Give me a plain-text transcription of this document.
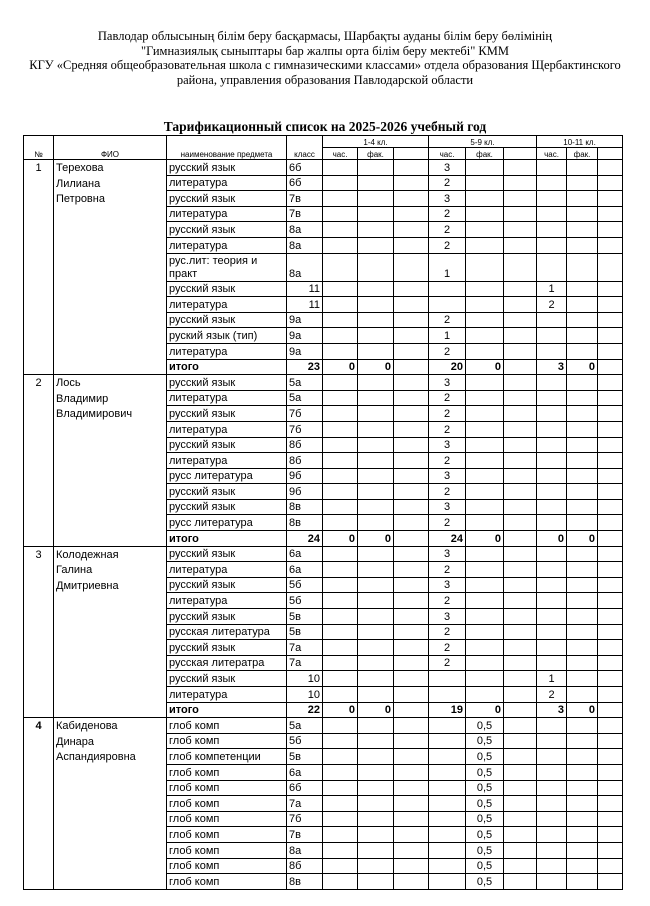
Павлодар облысының білім беру басқармасы, Шарбақты ауданы білім беру бөлімінің
"Гимназиялық сыныптары бар жалпы орта білім беру мектебі" КММ
КГУ «Средняя общеобразовательная школа с гимназическими классами» отдела образования Щербактинского
района, управления образования Павлодарской области
Тарификационный список на 2025-2026 учебный год
				1-4 кл.			5-9 кл.			10-11 кл.		
№	ФИО	наименование предмета	класс	час.	фак.		час.	фак.		час.	фак.	
1	Терехова	русский язык	6б				3					
	Лилиана	литература	6б				2					
	Петровна	русский язык	7в				3					
		литература	7в				2					
		русский язык	8а				2					
		литература	8а				2					
		рус.лит: теория и практ	8а				1					
		русский язык	11							1		
		литература	11							2		
		русский язык	9а				2					
		руский язык (тип)	9а				1					
		литература	9а				2					
		итого	23	0	0		20	0		3	0	
2	Лось	русский язык	5а				3					
	Владимир	литература	5а				2					
	Владимирович	русский язык	7б				2					
		литература	7б				2					
		русский язык	8б				3					
		литература	8б				2					
		русс литература	9б				3					
		русский язык	9б				2					
		русский язык	8в				3					
		русс литература	8в				2					
		итого	24	0	0		24	0		0	0	
3	Колодежная	русский язык	6а				3					
	Галина	литература	6а				2					
	Дмитриевна	русский язык	5б				3					
		литература	5б				2					
		русский язык	5в				3					
		русская литература	5в				2					
		русский язык	7а				2					
		русская литератра	7а				2					
		русский язык	10							1		
		литература	10							2		
		итого	22	0	0		19	0		3	0	
4	Кабиденова	глоб комп	5а					0,5				
	Динара	глоб комп	5б					0,5				
	Аспандияровна	глоб компетенции	5в					0,5				
		глоб комп	6а					0,5				
		глоб комп	6б					0,5				
		глоб комп	7а					0,5				
		глоб комп	7б					0,5				
		глоб комп	7в					0,5				
		глоб комп	8а					0,5				
		глоб комп	8б					0,5				
		глоб комп	8в					0,5				
